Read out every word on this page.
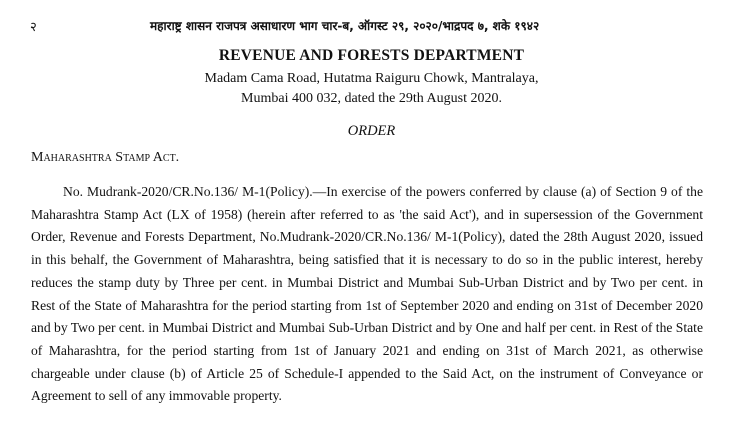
२	महाराष्ट्र शासन राजपत्र असाधारण भाग चार-ब, ऑगस्ट २९, २०२०/भाद्रपद ७, शके १९४२
REVENUE AND FORESTS DEPARTMENT
Madam Cama Road, Hutatma Raiguru Chowk, Mantralaya,
Mumbai 400 032, dated the 29th August 2020.
ORDER
Maharashtra Stamp Act.

No. Mudrank-2020/CR.No.136/ M-1(Policy).—In exercise of the powers conferred by clause (a) of Section 9 of the Maharashtra Stamp Act (LX of 1958) (herein after referred to as 'the said Act'), and in supersession of the Government Order, Revenue and Forests Department, No.Mudrank-2020/CR.No.136/ M-1(Policy), dated the 28th August 2020, issued in this behalf, the Government of Maharashtra, being satisfied that it is necessary to do so in the public interest, hereby reduces the stamp duty by Three per cent. in Mumbai District and Mumbai Sub-Urban District and by Two per cent. in Rest of the State of Maharashtra for the period starting from 1st of September 2020 and ending on 31st of December 2020 and by Two per cent. in Mumbai District and Mumbai Sub-Urban District and by One and half per cent. in Rest of the State of Maharashtra, for the period starting from 1st of January 2021 and ending on 31st of March 2021, as otherwise chargeable under clause (b) of Article 25 of Schedule-I appended to the Said Act, on the instrument of Conveyance or Agreement to sell of any immovable property.
